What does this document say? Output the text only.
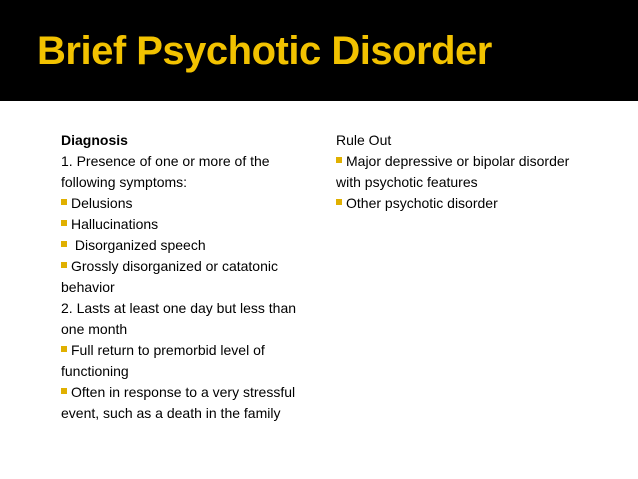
Brief Psychotic Disorder
Diagnosis
1. Presence of one or more of the following symptoms:
Delusions
Hallucinations
Disorganized speech
Grossly disorganized or catatonic behavior
2. Lasts at least one day but less than one month
Full return to premorbid level of functioning
Often in response to a very stressful event, such as a death in the family
Rule Out
Major depressive or bipolar disorder with psychotic features
Other psychotic disorder
